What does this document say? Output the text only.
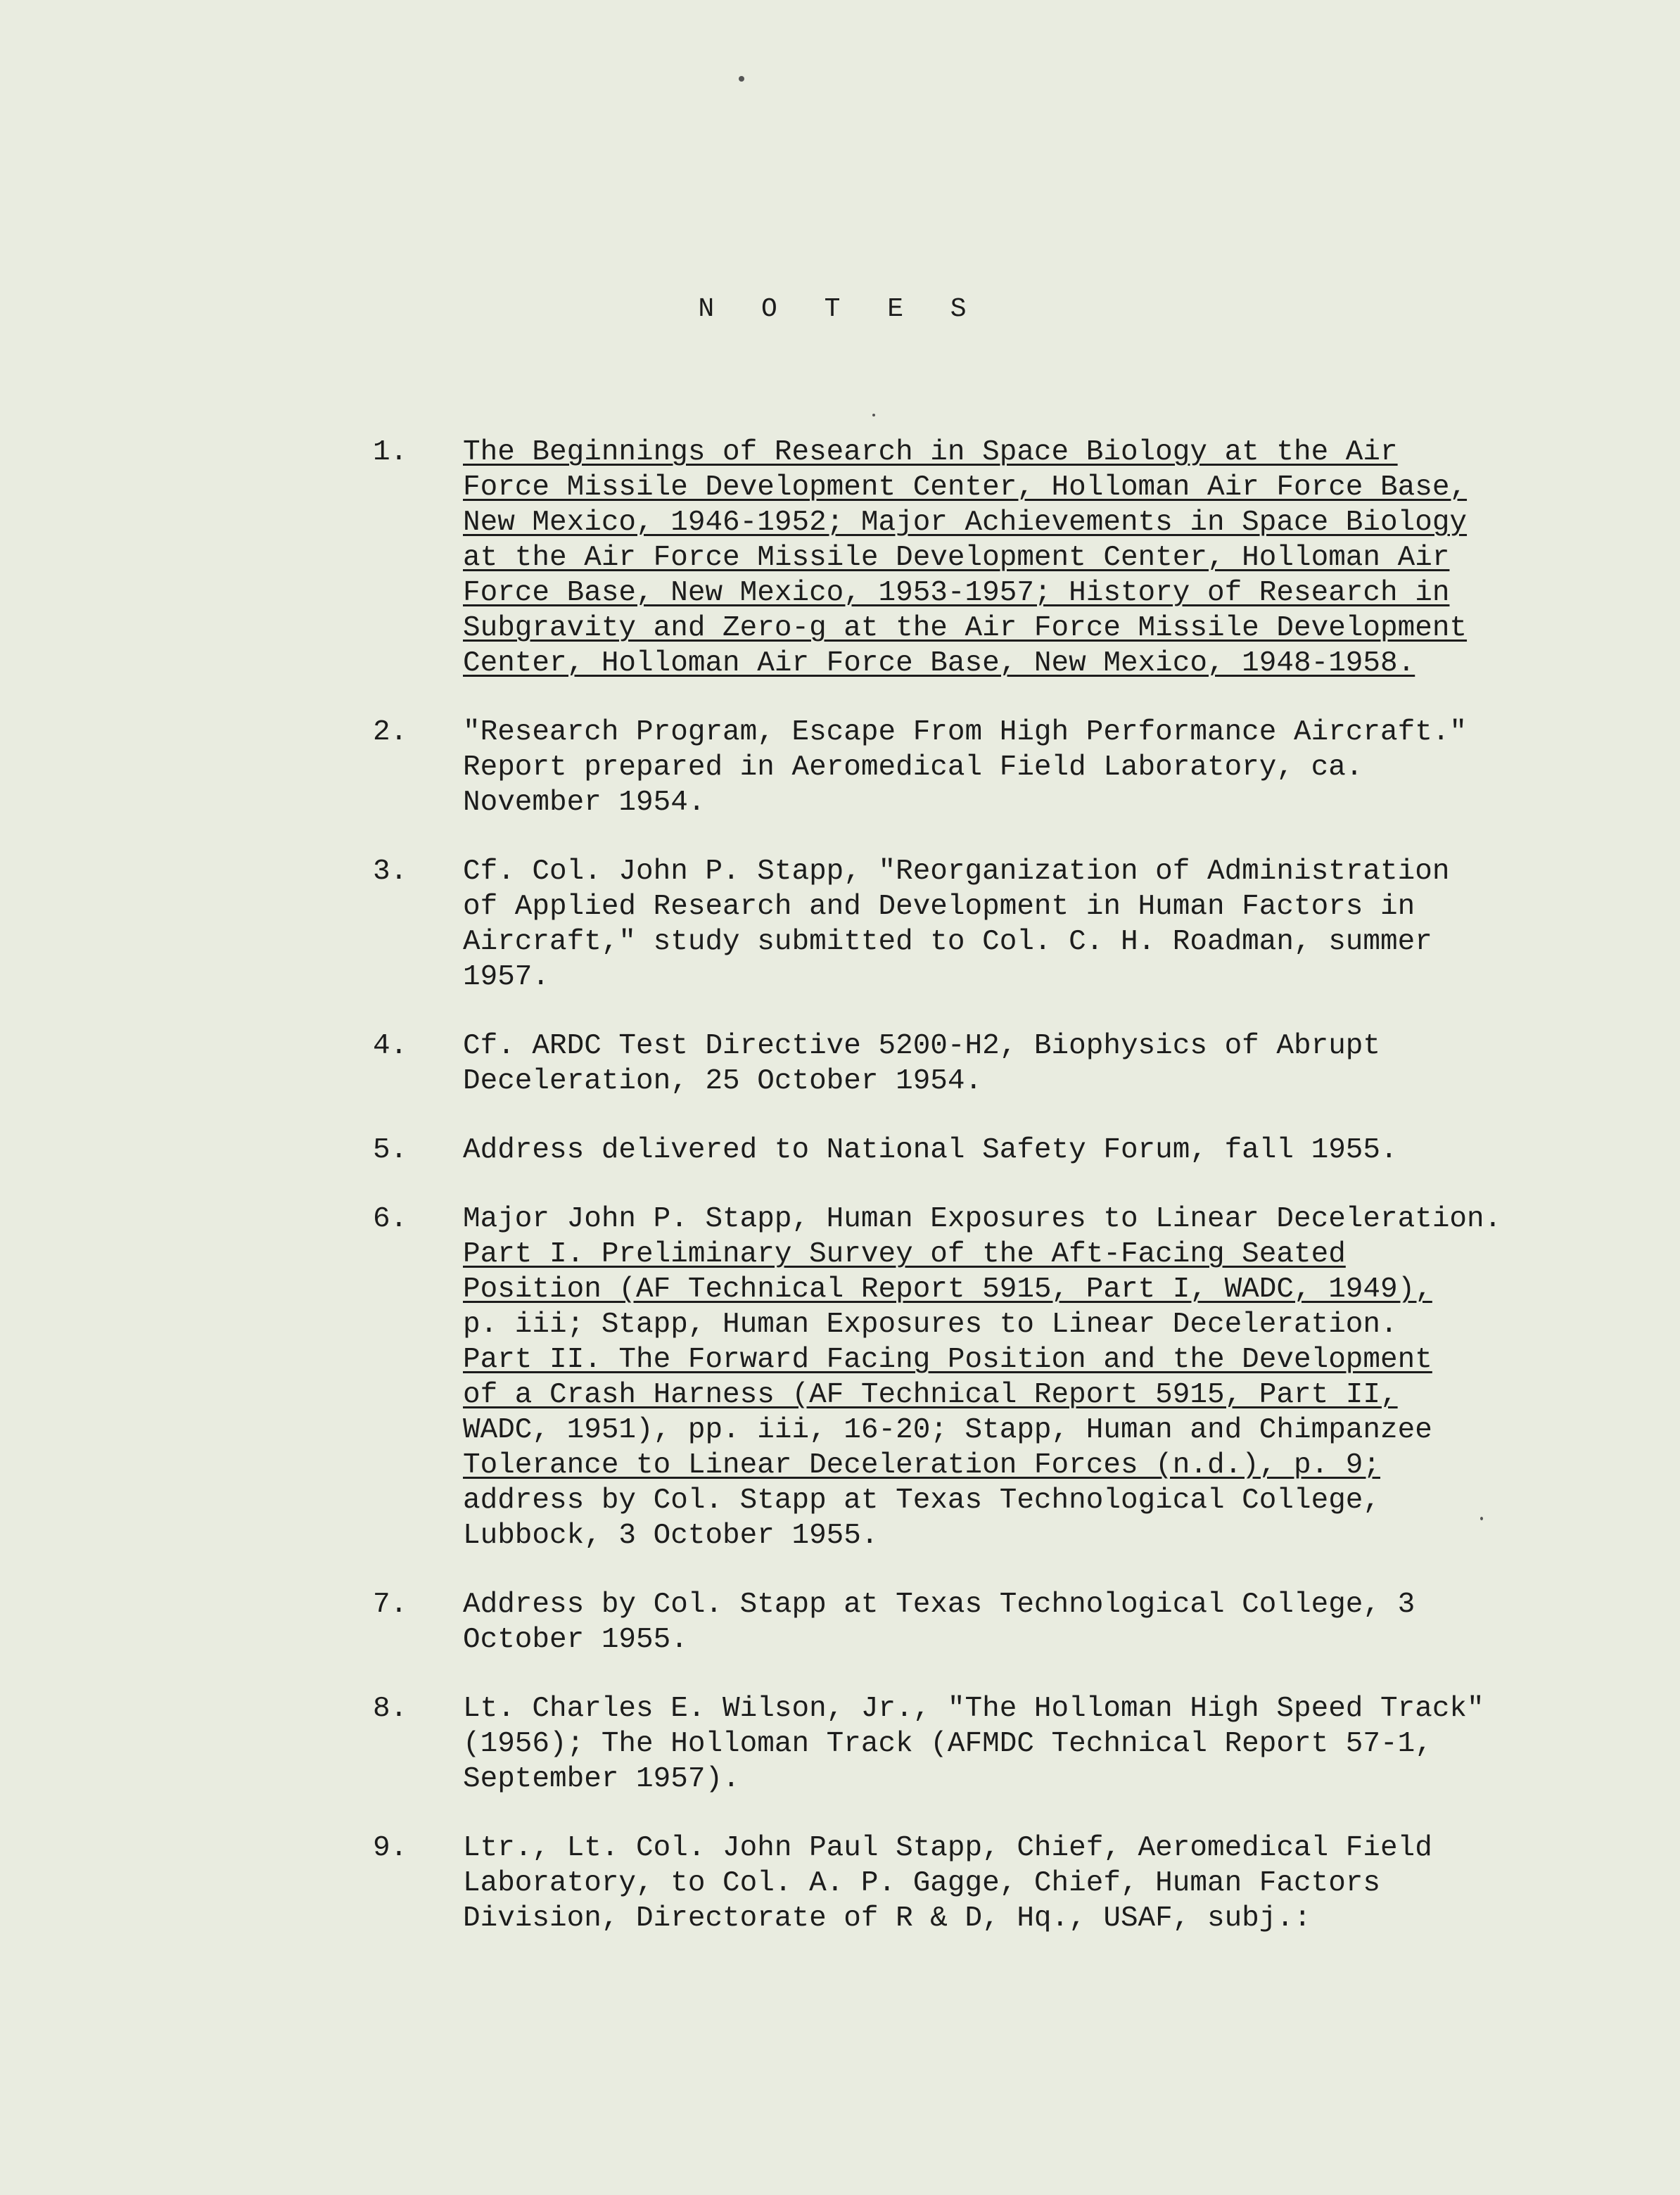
N O T E S
1. The Beginnings of Research in Space Biology at the Air
Force Missile Development Center, Holloman Air Force Base,
New Mexico, 1946-1952; Major Achievements in Space Biology
at the Air Force Missile Development Center, Holloman Air
Force Base, New Mexico, 1953-1957; History of Research in
Subgravity and Zero-g at the Air Force Missile Development
Center, Holloman Air Force Base, New Mexico, 1948-1958.
2. "Research Program, Escape From High Performance Aircraft."
Report prepared in Aeromedical Field Laboratory, ca.
November 1954.
3. Cf. Col. John P. Stapp, "Reorganization of Administration
of Applied Research and Development in Human Factors in
Aircraft," study submitted to Col. C. H. Roadman, summer
1957.
4. Cf. ARDC Test Directive 5200-H2, Biophysics of Abrupt
Deceleration, 25 October 1954.
5. Address delivered to National Safety Forum, fall 1955.
6. Major John P. Stapp, Human Exposures to Linear Deceleration.
Part I. Preliminary Survey of the Aft-Facing Seated
Position (AF Technical Report 5915, Part I, WADC, 1949),
p. iii; Stapp, Human Exposures to Linear Deceleration.
Part II. The Forward Facing Position and the Development
of a Crash Harness (AF Technical Report 5915, Part II,
WADC, 1951), pp. iii, 16-20; Stapp, Human and Chimpanzee
Tolerance to Linear Deceleration Forces (n.d.), p. 9;
address by Col. Stapp at Texas Technological College,
Lubbock, 3 October 1955.
7. Address by Col. Stapp at Texas Technological College, 3
October 1955.
8. Lt. Charles E. Wilson, Jr., "The Holloman High Speed Track"
(1956); The Holloman Track (AFMDC Technical Report 57-1,
September 1957).
9. Ltr., Lt. Col. John Paul Stapp, Chief, Aeromedical Field
Laboratory, to Col. A. P. Gagge, Chief, Human Factors
Division, Directorate of R & D, Hq., USAF, subj.:
